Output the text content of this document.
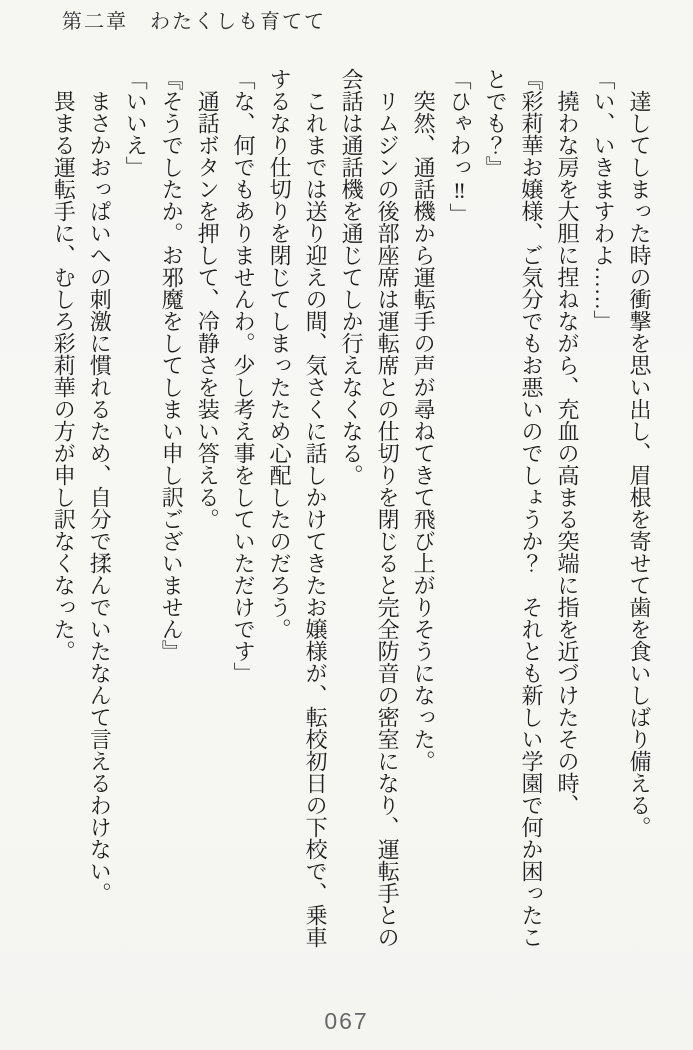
第二章　わたくしも育てて

　達してしまった時の衝撃を思い出し、眉根を寄せて歯を食いしばり備える。

「い、いきますわよ……」

　撓わな房を大胆に捏ねながら、充血の高まる突端に指を近づけたその時、

『彩莉華お嬢様、ご気分でもお悪いのでしょうか？　それとも新しい学園で何か困ったことでも？』

「ひゃわっ‼」

　突然、通話機から運転手の声が尋ねてきて飛び上がりそうになった。

　リムジンの後部座席は運転席との仕切りを閉じると完全防音の密室になり、運転手との会話は通話機を通じてしか行えなくなる。

　これまでは送り迎えの間、気さくに話しかけてきたお嬢様が、転校初日の下校で、乗車するなり仕切りを閉じてしまったため心配したのだろう。

「な、何でもありませんわ。少し考え事をしていただけです」

　通話ボタンを押して、冷静さを装い答える。

『そうでしたか。お邪魔をしてしまい申し訳ございません』

「いいえ」

　まさかおっぱいへの刺激に慣れるため、自分で揉んでいたなんて言えるわけない。

　畏まる運転手に、むしろ彩莉華の方が申し訳なくなった。

067
